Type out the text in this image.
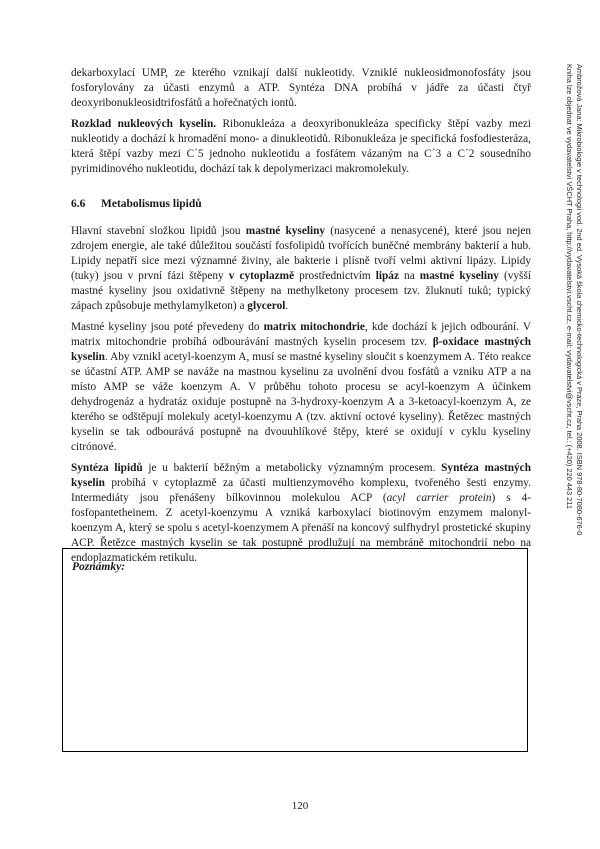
dekarboxylací UMP, ze kterého vznikají další nukleotidy. Vzniklé nukleosidmonofosfáty jsou fosforylovány za účasti enzymů a ATP. Syntéza DNA probíhá v jádře za účasti čtyř deoxyribonukleosidtrifosfátů a hořečnatých iontů.

Rozklad nukleových kyselin. Ribonukleáza a deoxyribonukleáza specificky štěpí vazby mezi nukleotidy a dochází k hromadění mono- a dinukleotidů. Ribonukleáza je specifická fosfodiesteráza, která štěpí vazby mezi C´5 jednoho nukleotidu a fosfátem vázaným na C´3 a C´2 sousedního pyrimidinového nukleotidu, dochází tak k depolymerizaci makromolekuly.

6.6	Metabolismus lipidů

Hlavní stavební složkou lipidů jsou mastné kyseliny (nasycené a nenasycené), které jsou nejen zdrojem energie, ale také důležitou součástí fosfolipidů tvořících buněčné membrány bakterií a hub. Lipidy nepatří sice mezi významné živiny, ale bakterie i plísně tvoří velmi aktivní lipázy. Lipidy (tuky) jsou v první fázi štěpeny v cytoplazmě prostřednictvím lipáz na mastné kyseliny (vyšší mastné kyseliny jsou oxidativně štěpeny na methylketony procesem tzv. žluknutí tuků; typický zápach způsobuje methylamylketon) a glycerol.

Mastné kyseliny jsou poté převedeny do matrix mitochondrie, kde dochází k jejich odbourání. V matrix mitochondrie probíhá odbourávání mastných kyselin procesem tzv. β-oxidace mastných kyselin. Aby vznikl acetyl-koenzym A, musí se mastné kyseliny sloučit s koenzymem A. Této reakce se účastní ATP. AMP se naváže na mastnou kyselinu za uvolnění dvou fosfátů a vzniku ATP a na místo AMP se váže koenzym A. V průběhu tohoto procesu se acyl-koenzym A účinkem dehydrogenáz a hydratáz oxiduje postupně na 3-hydroxy-koenzym A a 3-ketoacyl-koenzym A, ze kterého se odštěpují molekuly acetyl-koenzymu A (tzv. aktivní octové kyseliny). Řetězec mastných kyselin se tak odbourává postupně na dvouuhlíkové štěpy, které se oxidují v cyklu kyseliny citrónové.

Syntéza lipidů je u bakterií běžným a metabolicky významným procesem. Syntéza mastných kyselin probíhá v cytoplazmě za účasti multienzymového komplexu, tvořeného šesti enzymy. Intermediáty jsou přenášeny bílkovinnou molekulou ACP (acyl carrier protein) s 4-fosfopantetheinem. Z acetyl-koenzymu A vzniká karboxylací biotinovým enzymem malonyl-koenzym A, který se spolu s acetyl-koenzymem A přenáší na koncový sulfhydryl prostetické skupiny ACP. Řetězce mastných kyselin se tak postupně prodlužují na membráně mitochondrií nebo na endoplazmatickém retikulu.

Poznámky:
120
Ambrožová Jana: Mikrobiologie v technologii vod. 2nd ed. Vysoká škola chemicko-technologická v Praze, Praha 2008. ISBN 978-80-7080-676-0
Kniha lze objednat ve vydavatelství VŠCHT Praha, http://vydavatelstvi.vscht.cz, e-mail: vydavatelstvi@vscht.cz, tel.: (+420) 220 443 211
